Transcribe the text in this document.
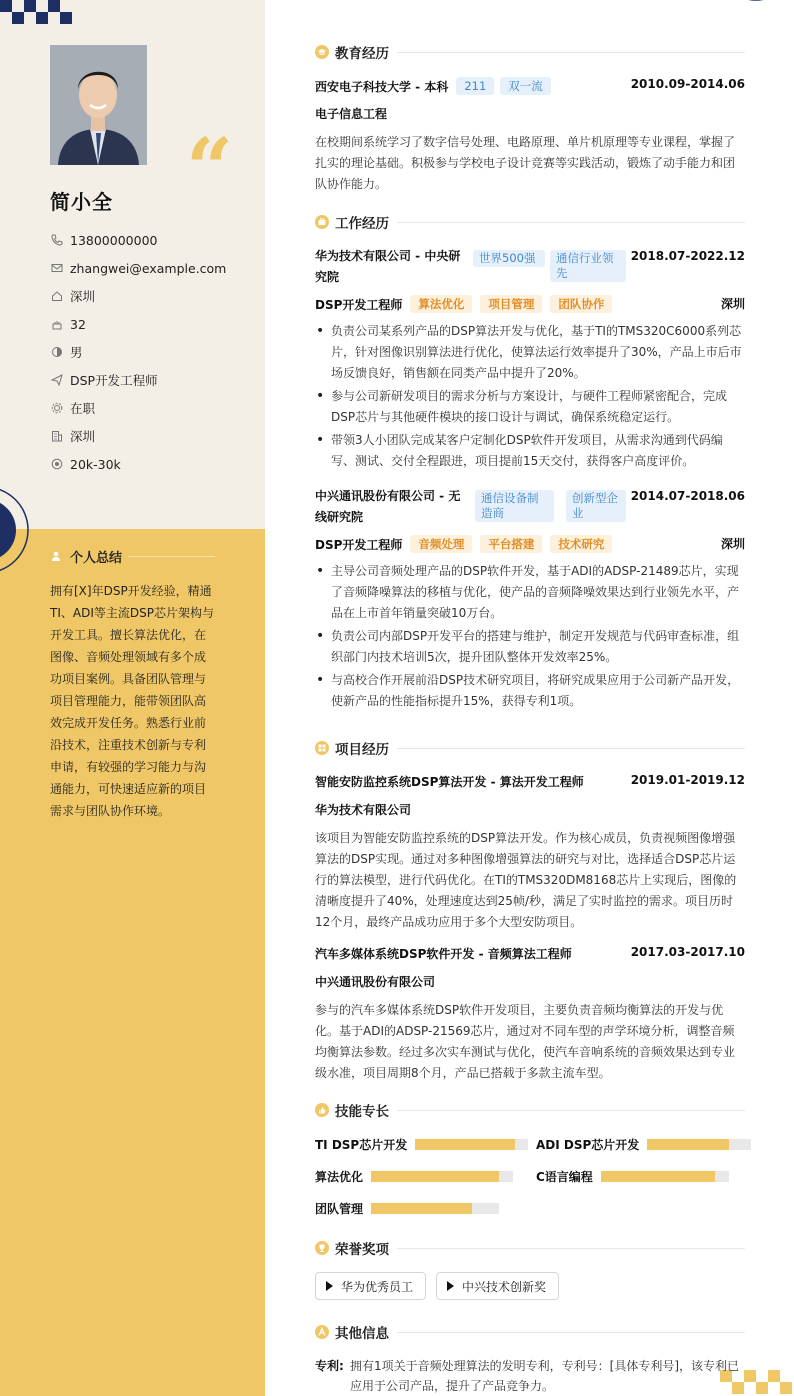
“
简小全
13800000000
zhangwei@example.com
深圳
32
男
DSP开发工程师
在职
深圳
20k-30k
个人总结
拥有[X]年DSP开发经验，精通TI、ADI等主流DSP芯片架构与开发工具。擅长算法优化，在图像、音频处理领域有多个成功项目案例。具备团队管理与项目管理能力，能带领团队高效完成开发任务。熟悉行业前沿技术，注重技术创新与专利申请，有较强的学习能力与沟通能力，可快速适应新的项目需求与团队协作环境。
教育经历
西安电子科技大学 - 本科	211	双一流	2010.09-2014.06
电子信息工程
在校期间系统学习了数字信号处理、电路原理、单片机原理等专业课程，掌握了扎实的理论基础。积极参与学校电子设计竞赛等实践活动，锻炼了动手能力和团队协作能力。
工作经历
华为技术有限公司 - 中央研究院
世界500强	通信行业领先
2018.07-2022.12
DSP开发工程师	算法优化	项目管理	团队协作	深圳
• 负责公司某系列产品的DSP算法开发与优化，基于TI的TMS320C6000系列芯片，针对图像识别算法进行优化，使算法运行效率提升了30%，产品上市后市场反馈良好，销售额在同类产品中提升了20%。
• 参与公司新研发项目的需求分析与方案设计，与硬件工程师紧密配合，完成DSP芯片与其他硬件模块的接口设计与调试，确保系统稳定运行。
• 带领3人小团队完成某客户定制化DSP软件开发项目，从需求沟通到代码编写、测试、交付全程跟进，项目提前15天交付，获得客户高度评价。
中兴通讯股份有限公司 - 无线研究院
通信设备制造商
创新型企业
2014.07-2018.06
DSP开发工程师	音频处理	平台搭建	技术研究	深圳
• 主导公司音频处理产品的DSP软件开发，基于ADI的ADSP-21489芯片，实现了音频降噪算法的移植与优化，使产品的音频降噪效果达到行业领先水平，产品在上市首年销量突破10万台。
• 负责公司内部DSP开发平台的搭建与维护，制定开发规范与代码审查标准，组织部门内技术培训5次，提升团队整体开发效率25%。
• 与高校合作开展前沿DSP技术研究项目，将研究成果应用于公司新产品开发，使新产品的性能指标提升15%，获得专利1项。
项目经历
智能安防监控系统DSP算法开发 - 算法开发工程师	2019.01-2019.12
华为技术有限公司
该项目为智能安防监控系统的DSP算法开发。作为核心成员，负责视频图像增强算法的DSP实现。通过对多种图像增强算法的研究与对比，选择适合DSP芯片运行的算法模型，进行代码优化。在TI的TMS320DM8168芯片上实现后，图像的清晰度提升了40%，处理速度达到25帧/秒，满足了实时监控的需求。项目历时12个月，最终产品成功应用于多个大型安防项目。
汽车多媒体系统DSP软件开发 - 音频算法工程师	2017.03-2017.10
中兴通讯股份有限公司
参与的汽车多媒体系统DSP软件开发项目，主要负责音频均衡算法的开发与优化。基于ADI的ADSP-21569芯片，通过对不同车型的声学环境分析，调整音频均衡算法参数。经过多次实车测试与优化，使汽车音响系统的音频效果达到专业级水准，项目周期8个月，产品已搭载于多款主流车型。
技能专长
TI DSP芯片开发	ADI DSP芯片开发
算法优化	C语言编程
团队管理
荣誉奖项
华为优秀员工	中兴技术创新奖
其他信息
专利: 拥有1项关于音频处理算法的发明专利，专利号：[具体专利号]，该专利已应用于公司产品，提升了产品竞争力。
